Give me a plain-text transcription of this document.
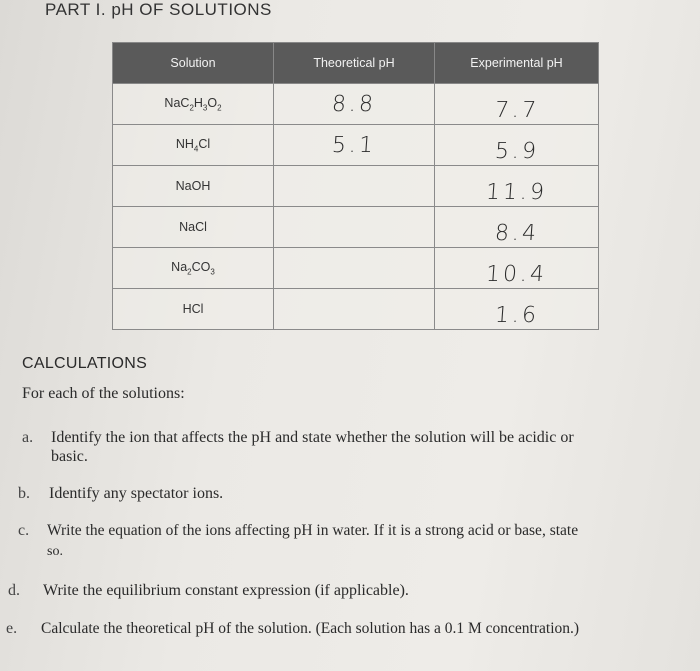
PART I. pH OF SOLUTIONS
Solution	Theoretical pH	Experimental pH
$NaC_2H_3O_2$	8.8	7.7
$NH_4Cl$	5.1	5.9
NaOH		11.9
NaCl		8.4
$Na_2CO_3$		10.4
HCl		1.6
CALCULATIONS
For each of the solutions:
a. Identify the ion that affects the pH and state whether the solution will be acidic or
basic.
b. Identify any spectator ions.
c. Write the equation of the ions affecting pH in water. If it is a strong acid or base, state
so.
d. Write the equilibrium constant expression (if applicable).
e. Calculate the theoretical pH of the solution. (Each solution has a 0.1 M concentration.)
